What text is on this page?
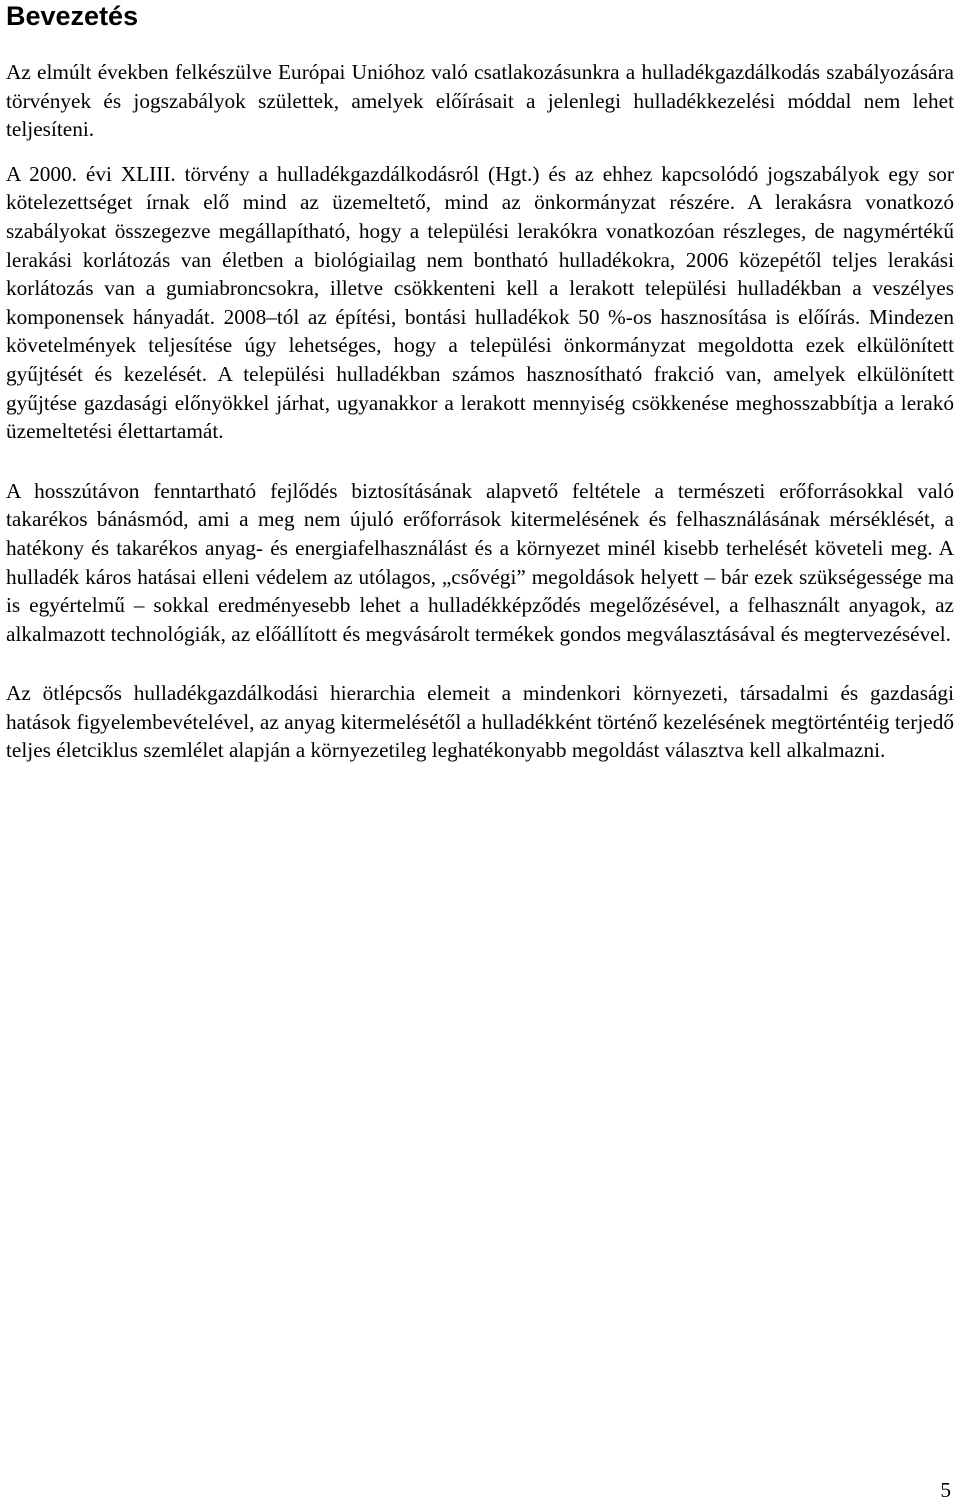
Bevezetés

Az elmúlt években felkészülve Európai Unióhoz való csatlakozásunkra a hulladékgazdálkodás szabályozására törvények és jogszabályok születtek, amelyek előírásait a jelenlegi hulladékkezelési móddal nem lehet teljesíteni.

A 2000. évi XLIII. törvény a hulladékgazdálkodásról (Hgt.) és az ehhez kapcsolódó jogszabályok egy sor kötelezettséget írnak elő mind az üzemeltető, mind az önkormányzat részére. A lerakásra vonatkozó szabályokat összegezve megállapítható, hogy a települési lerakókra vonatkozóan részleges, de nagymértékű lerakási korlátozás van életben a biológiailag nem bontható hulladékokra, 2006 közepétől teljes lerakási korlátozás van a gumiabroncsokra, illetve csökkenteni kell a lerakott települési hulladékban a veszélyes komponensek hányadát. 2008–tól az építési, bontási hulladékok 50 %-os hasznosítása is előírás. Mindezen követelmények teljesítése úgy lehetséges, hogy a települési önkormányzat megoldotta ezek elkülönített gyűjtését és kezelését. A települési hulladékban számos hasznosítható frakció van, amelyek elkülönített gyűjtése gazdasági előnyökkel járhat, ugyanakkor a lerakott mennyiség csökkenése meghosszabbítja a lerakó üzemeltetési élettartamát.

A hosszútávon fenntartható fejlődés biztosításának alapvető feltétele a természeti erőforrásokkal való takarékos bánásmód, ami a meg nem újuló erőforrások kitermelésének és felhasználásának mérséklését, a hatékony és takarékos anyag- és energiafelhasználást és a környezet minél kisebb terhelését követeli meg. A hulladék káros hatásai elleni védelem az utólagos, „csővégi” megoldások helyett – bár ezek szükségessége ma is egyértelmű – sokkal eredményesebb lehet a hulladékképződés megelőzésével, a felhasznált anyagok, az alkalmazott technológiák, az előállított és megvásárolt termékek gondos megválasztásával és megtervezésével.

Az ötlépcsős hulladékgazdálkodási hierarchia elemeit a mindenkori környezeti, társadalmi és gazdasági hatások figyelembevételével, az anyag kitermelésétől a hulladékként történő kezelésének megtörténtéig terjedő teljes életciklus szemlélet alapján a környezetileg leghatékonyabb megoldást választva kell alkalmazni.

5
